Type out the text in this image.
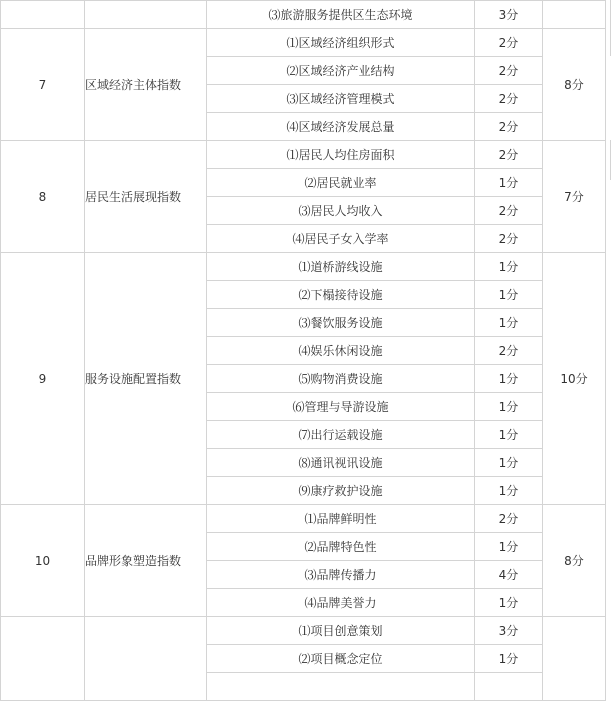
		⑶旅游服务提供区生态环境	3分	
7	区域经济主体指数	⑴区域经济组织形式	2分	8分
		⑵区域经济产业结构	2分	
		⑶区域经济管理模式	2分	
		⑷区域经济发展总量	2分	
8	居民生活展现指数	⑴居民人均住房面积	2分	7分
		⑵居民就业率	1分	
		⑶居民人均收入	2分	
		⑷居民子女入学率	2分	
9	服务设施配置指数	⑴道桥游线设施	1分	10分
		⑵下榻接待设施	1分	
		⑶餐饮服务设施	1分	
		⑷娱乐休闲设施	2分	
		⑸购物消费设施	1分	
		⑹管理与导游设施	1分	
		⑺出行运载设施	1分	
		⑻通讯视讯设施	1分	
		⑼康疗救护设施	1分	
10	品牌形象塑造指数	⑴品牌鲜明性	2分	8分
		⑵品牌特色性	1分	
		⑶品牌传播力	4分	
		⑷品牌美誉力	1分	
		⑴项目创意策划	3分	
		⑵项目概念定位	1分	
